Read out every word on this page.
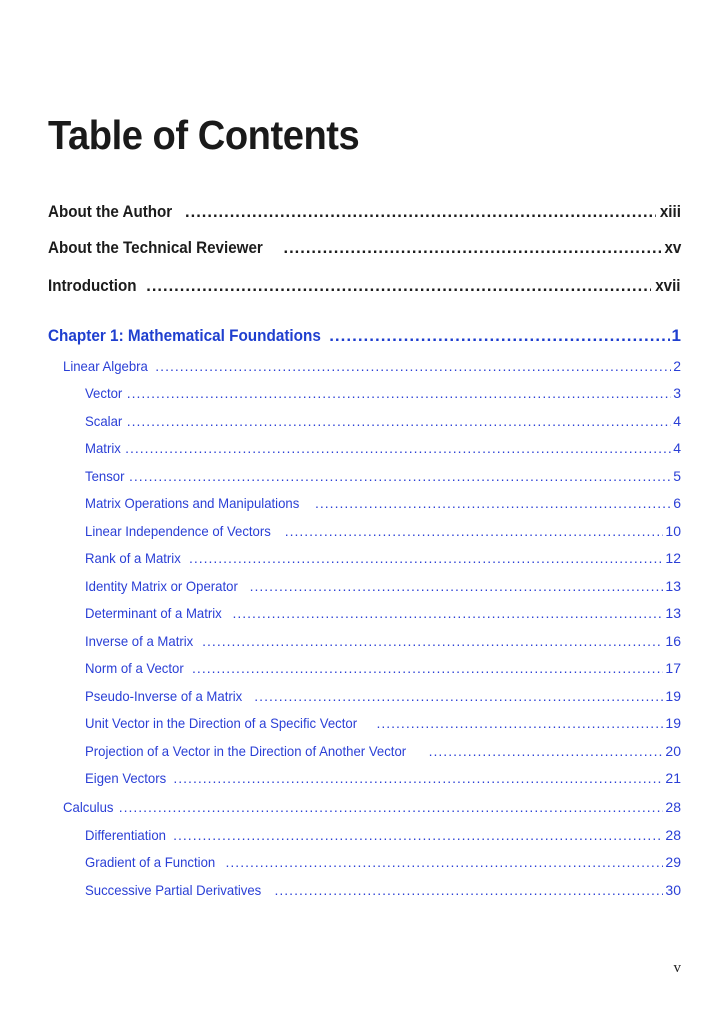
Table of Contents
About the Author .....	xiii
About the Technical Reviewer .....	xv
Introduction .....	xvii
Chapter 1: Mathematical Foundations .....	1
Linear Algebra .....	2
Vector .....	3
Scalar .....	4
Matrix .....	4
Tensor .....	5
Matrix Operations and Manipulations .....	6
Linear Independence of Vectors .....	10
Rank of a Matrix .....	12
Identity Matrix or Operator .....	13
Determinant of a Matrix .....	13
Inverse of a Matrix .....	16
Norm of a Vector .....	17
Pseudo-Inverse of a Matrix .....	19
Unit Vector in the Direction of a Specific Vector .....	19
Projection of a Vector in the Direction of Another Vector .....	20
Eigen Vectors .....	21
Calculus .....	28
Differentiation .....	28
Gradient of a Function .....	29
Successive Partial Derivatives .....	30
v
